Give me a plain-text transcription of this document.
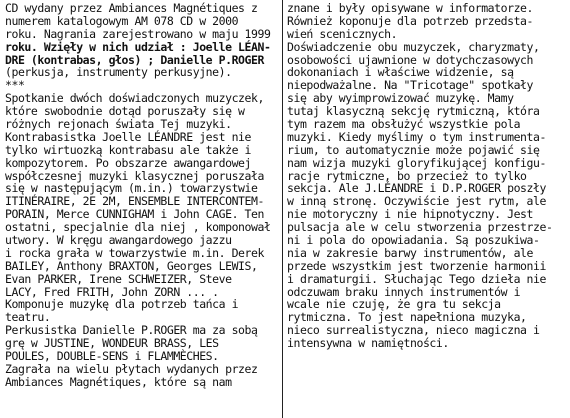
CD wydany przez Ambiances Magnétiques z
numerem katalogowym AM 078 CD w 2000
roku. Nagrania zarejestrowano w maju 1999
roku. Wzięły w nich udział : Joelle LÉAN-
DRE (kontrabas, głos) ; Danielle P.ROGER
(perkusja, instrumenty perkusyjne).
***
Spotkanie dwóch doświadczonych muzyczek,
które swobodnie dotąd poruszały się w
różnych rejonach świata Tej muzyki.
Kontrabasistka Joelle LÉANDRE jest nie
tylko wirtuozką kontrabasu ale także i
kompozytorem. Po obszarze awangardowej
współczesnej muzyki klasycznej poruszała
się w następującym (m.in.) towarzystwie
ITINÉRAIRE, 2E 2M, ENSEMBLE INTERCONTEM-
PORAIN, Merce CUNNIGHAM i John CAGE. Ten
ostatni, specjalnie dla niej , komponował
utwory. W kręgu awangardowego jazzu
i rocka grała w towarzystwie m.in. Derek
BAILEY, Anthony BRAXTON, Georges LEWIS,
Evan PARKER, Irene SCHWEIZER, Steve
LACY, Fred FRITH, John ZORN ... .
Komponuje muzykę dla potrzeb tańca i
teatru.
Perkusistka Danielle P.ROGER ma za sobą
grę w JUSTINE, WONDEUR BRASS, LES
POULES, DOUBLE-SENS i FLAMMÈCHES.
Zagrała na wielu płytach wydanych przez
Ambiances Magnétiques, które są nam
znane i były opisywane w informatorze.
Również koponuje dla potrzeb przedsta-
wień scenicznych.
Doświadczenie obu muzyczek, charyzmaty,
osobowości ujawnione w dotychczasowych
dokonaniach i właściwe widzenie, są
niepodważalne. Na "Tricotage" spotkały
się aby wyimprowizować muzykę. Mamy
tutaj klasyczną sekcję rytmiczną, która
tym razem ma obsłużyć wszystkie pola
muzyki. Kiedy myślimy o tym instrumenta-
rium, to automatycznie może pojawić się
nam wizja muzyki gloryfikującej konfigu-
racje rytmiczne, bo przecież to tylko
sekcja. Ale J.LÉANDRE i D.P.ROGER poszły
w inną stronę. Oczywiście jest rytm, ale
nie motoryczny i nie hipnotyczny. Jest
pulsacja ale w celu stworzenia przestrze-
ni i pola do opowiadania. Są poszukiwa-
nia w zakresie barwy instrumentów, ale
przede wszystkim jest tworzenie harmonii
i dramaturgii. Słuchając Tego dzieła nie
odczuwam braku innych instrumentów i
wcale nie czuję, że gra tu sekcja
rytmiczna. To jest napełniona muzyka,
nieco surrealistyczna, nieco magiczna i
intensywna w namiętności.
